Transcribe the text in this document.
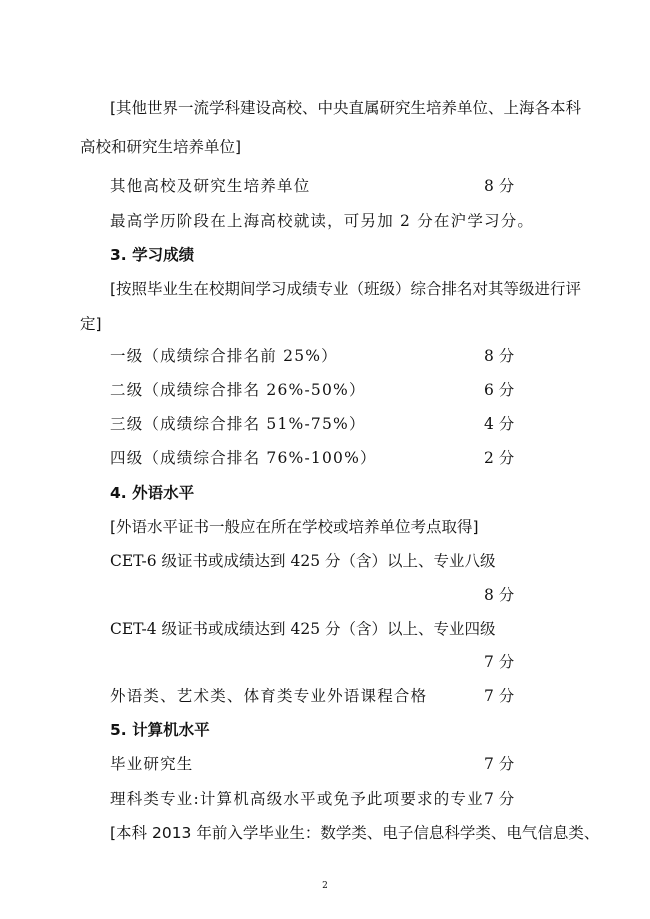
[其他世界一流学科建设高校、中央直属研究生培养单位、上海各本科
高校和研究生培养单位]
其他高校及研究生培养单位	8 分
最高学历阶段在上海高校就读，可另加 2 分在沪学习分。
3. 学习成绩
[按照毕业生在校期间学习成绩专业（班级）综合排名对其等级进行评
定]
一级（成绩综合排名前 25%）	8 分
二级（成绩综合排名 26%-50%）	6 分
三级（成绩综合排名 51%-75%）	4 分
四级（成绩综合排名 76%-100%）	2 分
4. 外语水平
[外语水平证书一般应在所在学校或培养单位考点取得]
CET-6 级证书或成绩达到 425 分（含）以上、专业八级
8 分
CET-4 级证书或成绩达到 425 分（含）以上、专业四级
7 分
外语类、艺术类、体育类专业外语课程合格	7 分
5. 计算机水平
毕业研究生	7 分
理科类专业:计算机高级水平或免予此项要求的专业 7 分
[本科 2013 年前入学毕业生：数学类、电子信息科学类、电气信息类、
2
